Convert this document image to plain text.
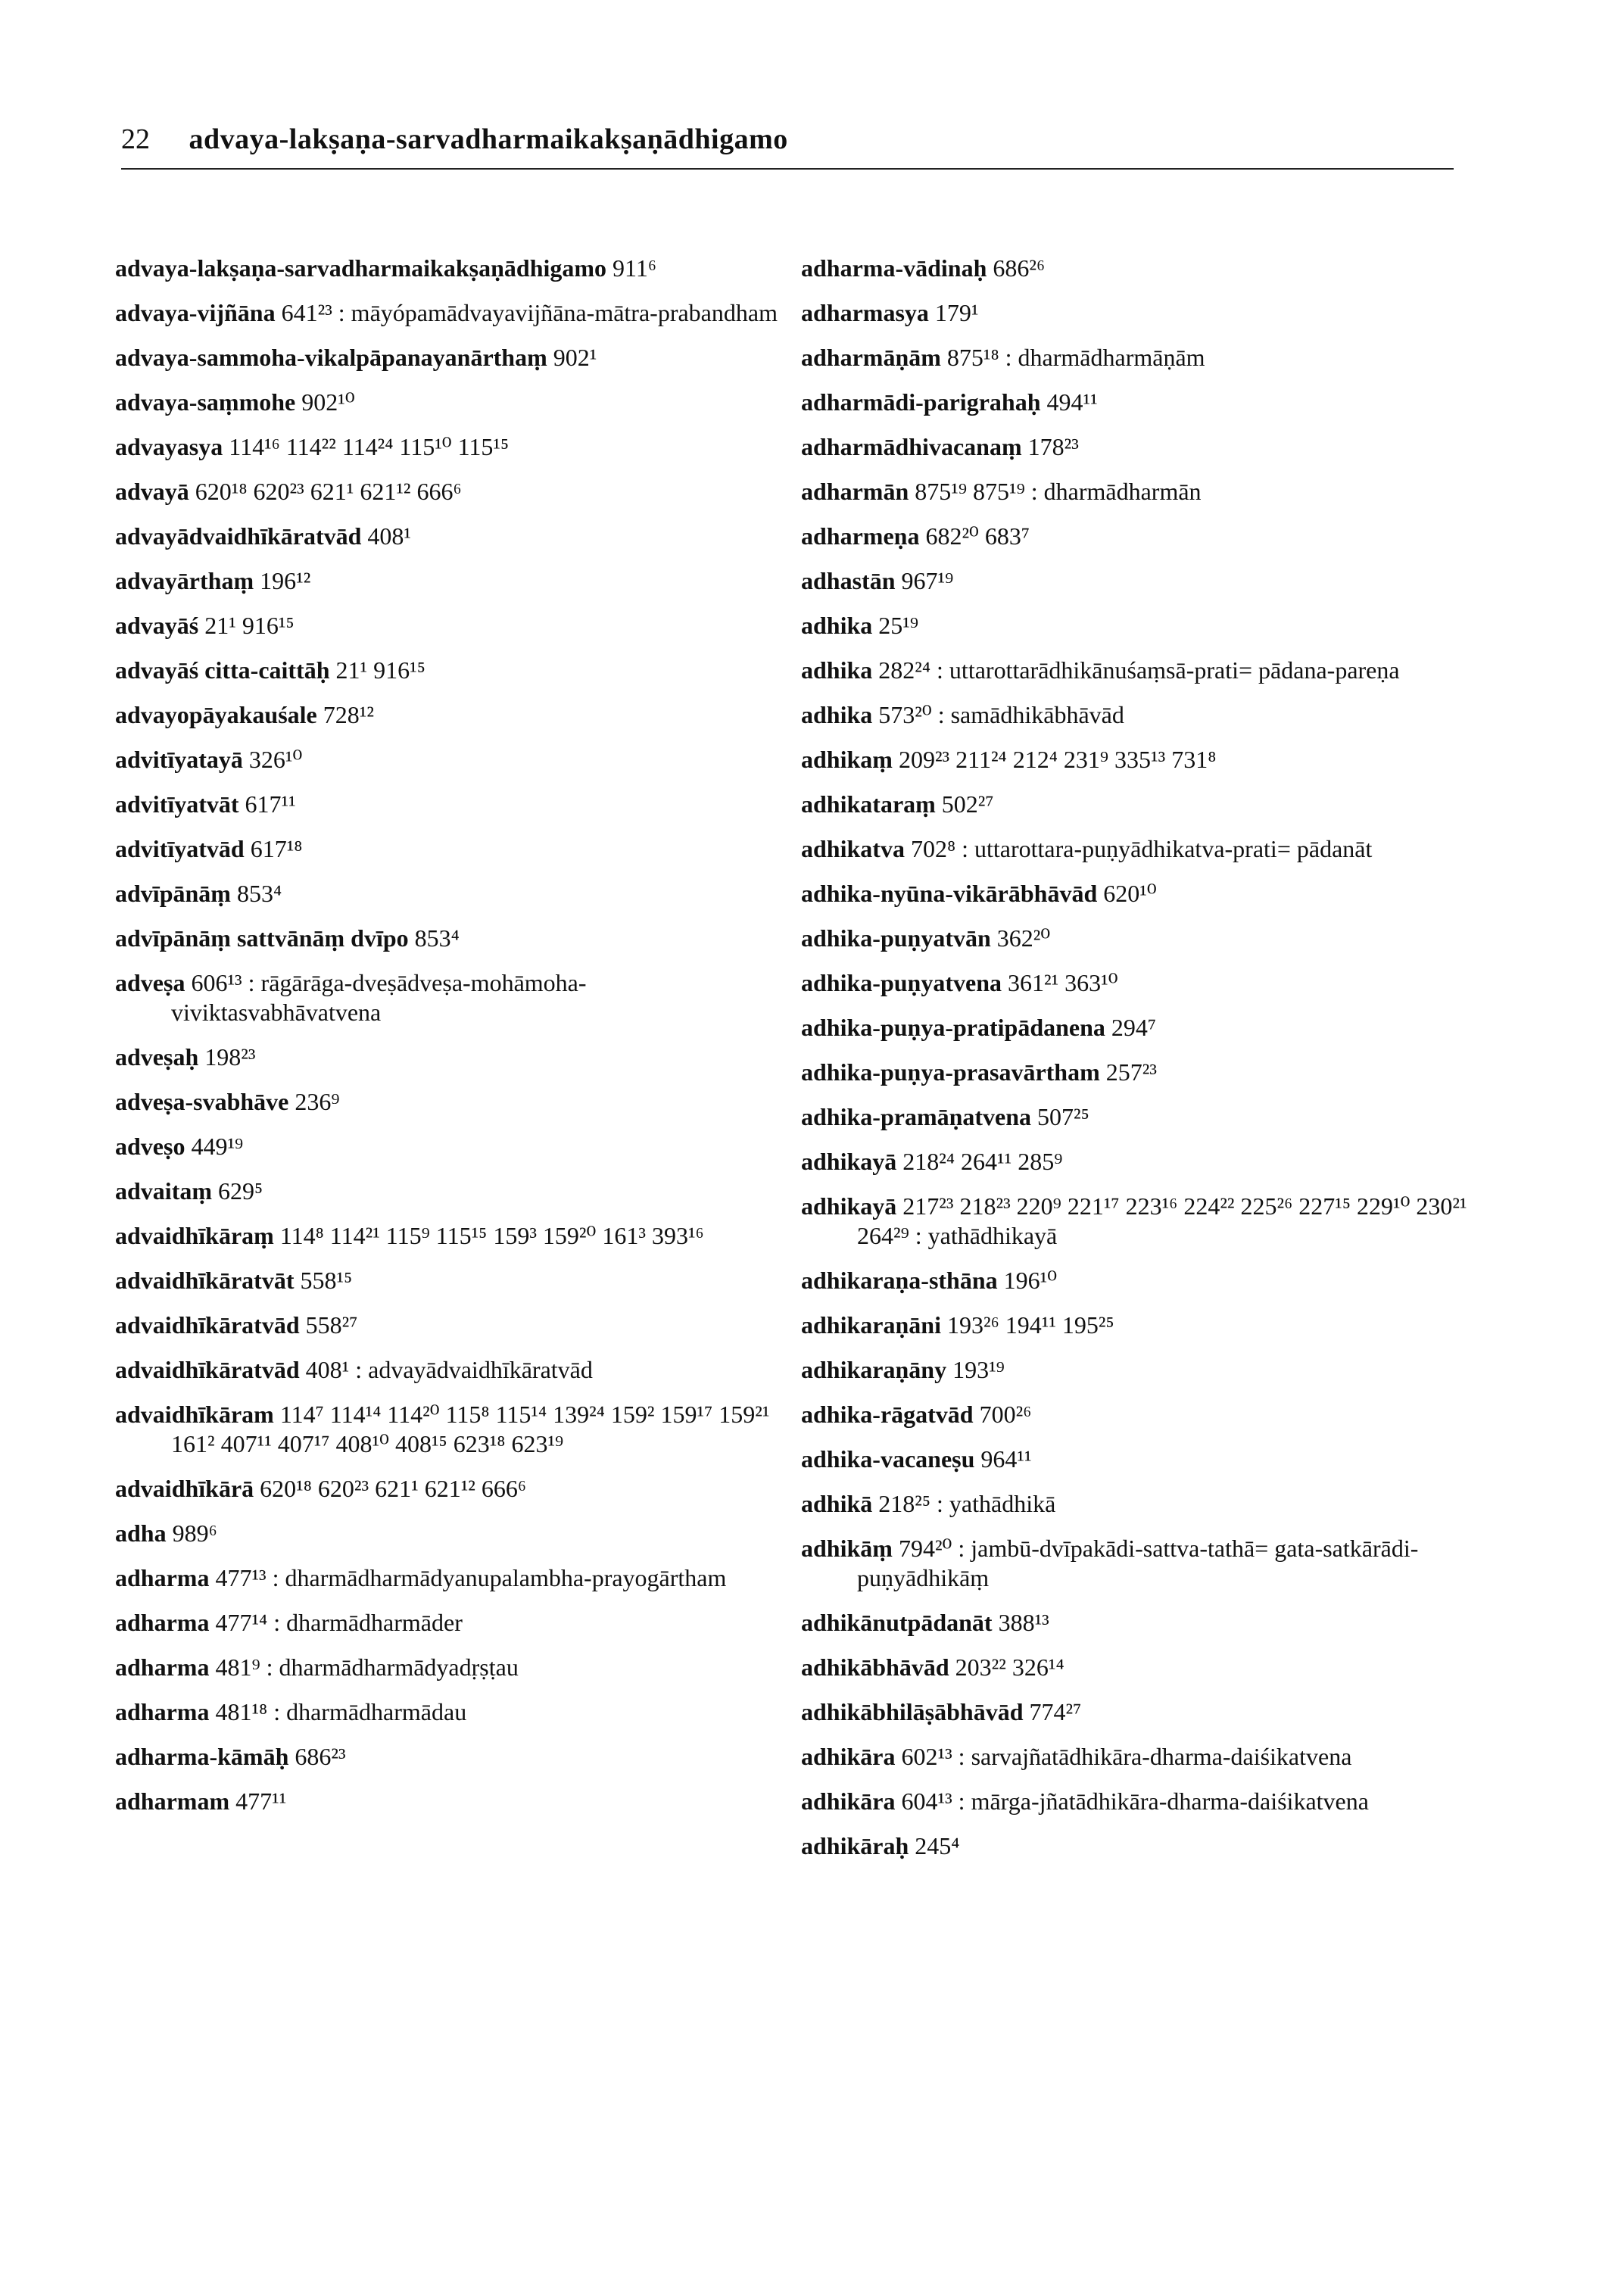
22 advaya-lakṣaṇa-sarvadharmaikakṣaṇādhigamo
advaya-lakṣaṇa-sarvadharmaikakṣaṇādhigamo 911⁶
advaya-vijñāna 641²³ : māyópamādvayavijñāna-mātra-prabandham
advaya-sammoha-vikalpāpanayanārthaṃ 902¹
advaya-saṃmohe 902¹⁰
advayasya 114¹⁶ 114²² 114²⁴ 115¹⁰ 115¹⁵
advayā 620¹⁸ 620²³ 621¹ 621¹² 666⁶
advayādvaidhīkāratvād 408¹
advayārthaṃ 196¹²
advayāś 21¹ 916¹⁵
advayāś citta-caittāḥ 21¹ 916¹⁵
advayopāyakauśale 728¹²
advitīyatayā 326¹⁰
advitīyatvāt 617¹¹
advitīyatvād 617¹⁸
advīpānāṃ 853⁴
advīpānāṃ sattvānāṃ dvīpo 853⁴
adveṣa 606¹³ : rāgārāga-dveṣādveṣa-mohāmoha-viviktasvabhāvatvena
adveṣaḥ 198²³
adveṣa-svabhāve 236⁹
adveṣo 449¹⁹
advaitaṃ 629⁵
advaidhīkāraṃ 114⁸ 114²¹ 115⁹ 115¹⁵ 159³ 159²⁰ 161³ 393¹⁶
advaidhīkāratvāt 558¹⁵
advaidhīkāratvād 558²⁷
advaidhīkāratvād 408¹ : advayādvaidhīkāratvād
advaidhīkāram 114⁷ 114¹⁴ 114²⁰ 115⁸ 115¹⁴ 139²⁴ 159² 159¹⁷ 159²¹ 161² 407¹¹ 407¹⁷ 408¹⁰ 408¹⁵ 623¹⁸ 623¹⁹
advaidhīkārā 620¹⁸ 620²³ 621¹ 621¹² 666⁶
adha 989⁶
adharma 477¹³ : dharmādharmādyanupalambha-prayogārtham
adharma 477¹⁴ : dharmādharmāder
adharma 481⁹ : dharmādharmādyadṛṣṭau
adharma 481¹⁸ : dharmādharmādau
adharma-kāmāḥ 686²³
adharmam 477¹¹
adharma-vādinaḥ 686²⁶
adharmasya 179¹
adharmāṇām 875¹⁸ : dharmādharmāṇām
adharmādi-parigrahaḥ 494¹¹
adharmādhivacanaṃ 178²³
adharmān 875¹⁹ 875¹⁹ : dharmādharmān
adharmeṇa 682²⁰ 683⁷
adhastān 967¹⁹
adhika 25¹⁹
adhika 282²⁴ : uttarottarādhikānuśaṃsā-prati= pādana-pareṇa
adhika 573²⁰ : samādhikābhāvād
adhikaṃ 209²³ 211²⁴ 212⁴ 231⁹ 335¹³ 731⁸
adhikataraṃ 502²⁷
adhikatva 702⁸ : uttarottara-puṇyādhikatva-prati= pādanāt
adhika-nyūna-vikārābhāvād 620¹⁰
adhika-puṇyatvān 362²⁰
adhika-puṇyatvena 361²¹ 363¹⁰
adhika-puṇya-pratipādanena 294⁷
adhika-puṇya-prasavārtham 257²³
adhika-pramāṇatvena 507²⁵
adhikayā 218²⁴ 264¹¹ 285⁹
adhikayā 217²³ 218²³ 220⁹ 221¹⁷ 223¹⁶ 224²² 225²⁶ 227¹⁵ 229¹⁰ 230²¹ 264²⁹ : yathādhikayā
adhikaraṇa-sthāna 196¹⁰
adhikaraṇāni 193²⁶ 194¹¹ 195²⁵
adhikaraṇāny 193¹⁹
adhika-rāgatvād 700²⁶
adhika-vacaneṣu 964¹¹
adhikā 218²⁵ : yathādhikā
adhikāṃ 794²⁰ : jambū-dvīpakādi-sattva-tathā= gata-satkārādi-puṇyādhikāṃ
adhikānutpādanāt 388¹³
adhikābhāvād 203²² 326¹⁴
adhikābhilāṣābhāvād 774²⁷
adhikāra 602¹³ : sarvajñatādhikāra-dharma-daiśikatvena
adhikāra 604¹³ : mārga-jñatādhikāra-dharma-daiśikatvena
adhikāraḥ 245⁴
